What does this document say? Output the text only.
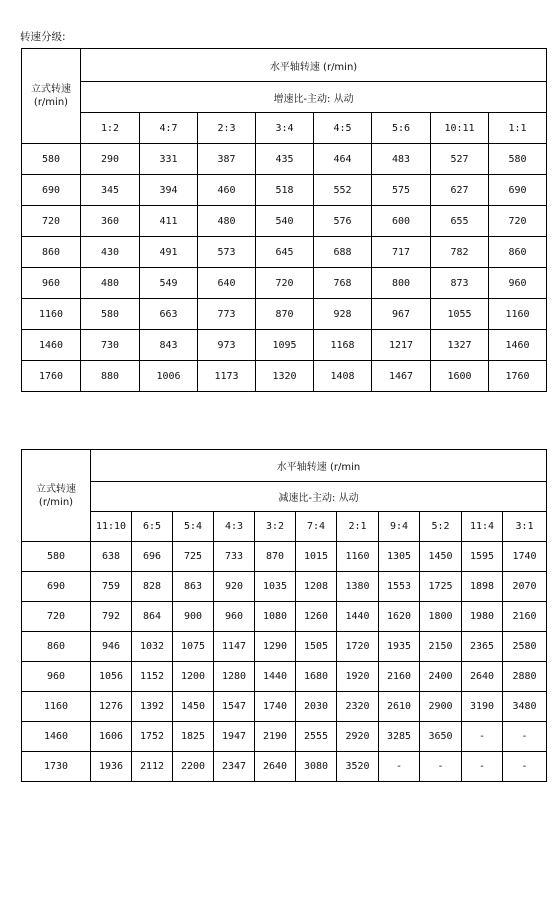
转速分级:
立式转速
(r/min)	水平轴转速 (r/min)							
	增速比-主动: 从动							
	1:2	4:7	2:3	3:4	4:5	5:6	10:11	1:1
580	290	331	387	435	464	483	527	580
690	345	394	460	518	552	575	627	690
720	360	411	480	540	576	600	655	720
860	430	491	573	645	688	717	782	860
960	480	549	640	720	768	800	873	960
1160	580	663	773	870	928	967	1055	1160
1460	730	843	973	1095	1168	1217	1327	1460
1760	880	1006	1173	1320	1408	1467	1600	1760
立式转速
(r/min)	水平轴转速 (r/min										
	减速比-主动: 从动										
	11:10	6:5	5:4	4:3	3:2	7:4	2:1	9:4	5:2	11:4	3:1
580	638	696	725	733	870	1015	1160	1305	1450	1595	1740
690	759	828	863	920	1035	1208	1380	1553	1725	1898	2070
720	792	864	900	960	1080	1260	1440	1620	1800	1980	2160
860	946	1032	1075	1147	1290	1505	1720	1935	2150	2365	2580
960	1056	1152	1200	1280	1440	1680	1920	2160	2400	2640	2880
1160	1276	1392	1450	1547	1740	2030	2320	2610	2900	3190	3480
1460	1606	1752	1825	1947	2190	2555	2920	3285	3650	-	-
1730	1936	2112	2200	2347	2640	3080	3520	-	-	-	-
